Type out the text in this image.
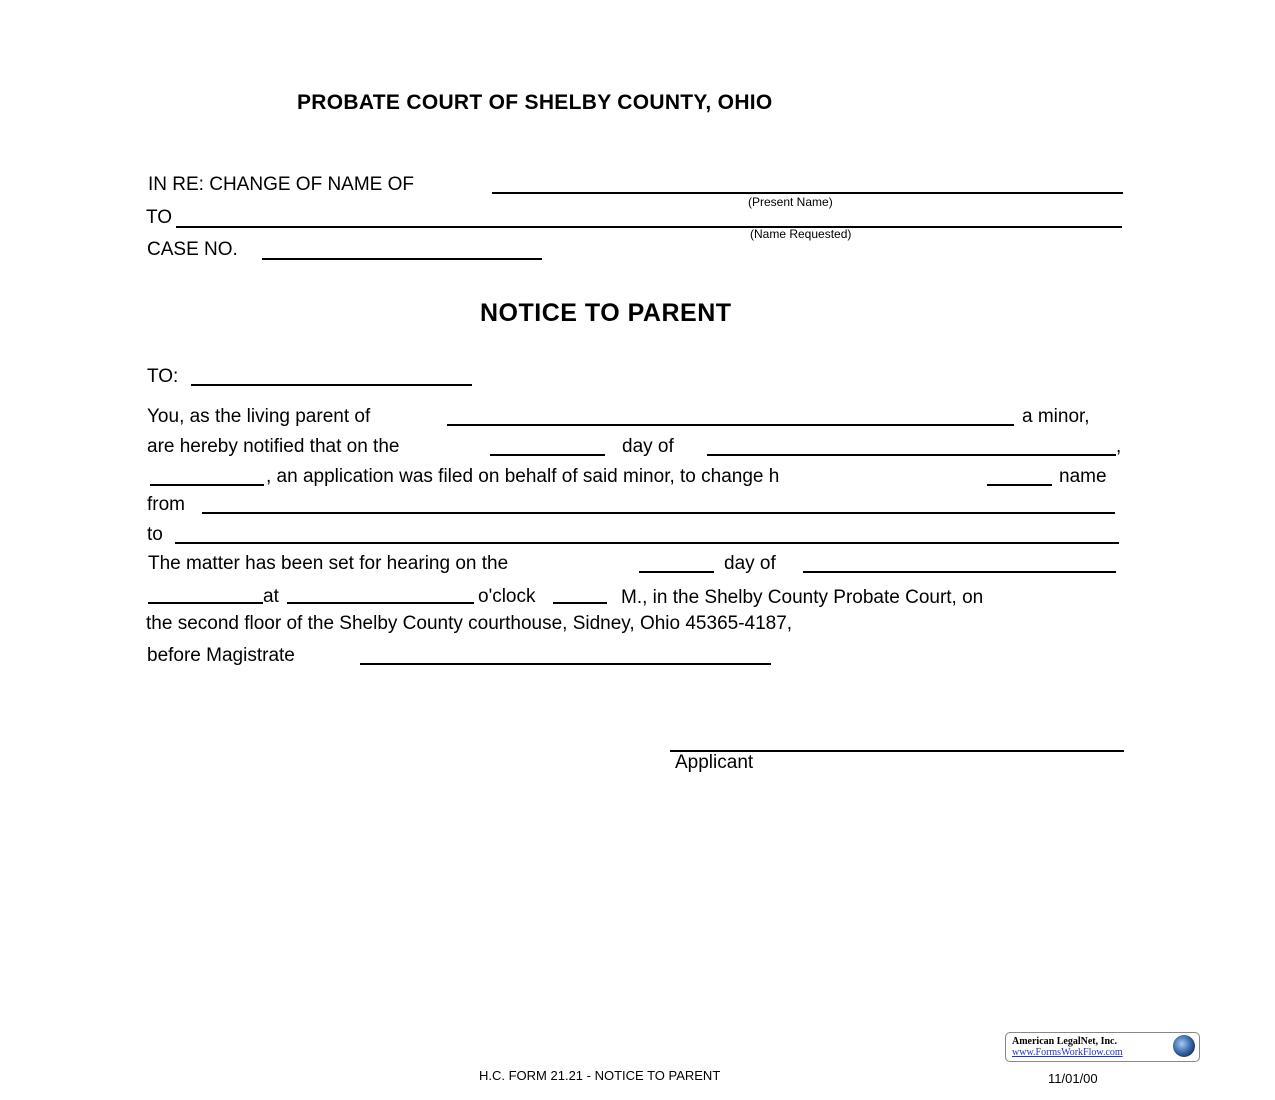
PROBATE COURT OF SHELBY COUNTY, OHIO
IN RE: CHANGE OF NAME OF
(Present Name)
TO
(Name Requested)
CASE NO.
NOTICE TO PARENT
TO:
You, as the living parent of	a minor,
are hereby notified that on the	day of	,
, an application was filed on behalf of said minor, to change h	name
from
to
The matter has been set for hearing on the	day of
at	o'clock	M., in the Shelby County Probate Court, on
the second floor of the Shelby County courthouse, Sidney, Ohio 45365-4187,
before Magistrate
Applicant
H.C. FORM 21.21 - NOTICE TO PARENT	11/01/00
American LegalNet, Inc.
www.FormsWorkFlow.com
